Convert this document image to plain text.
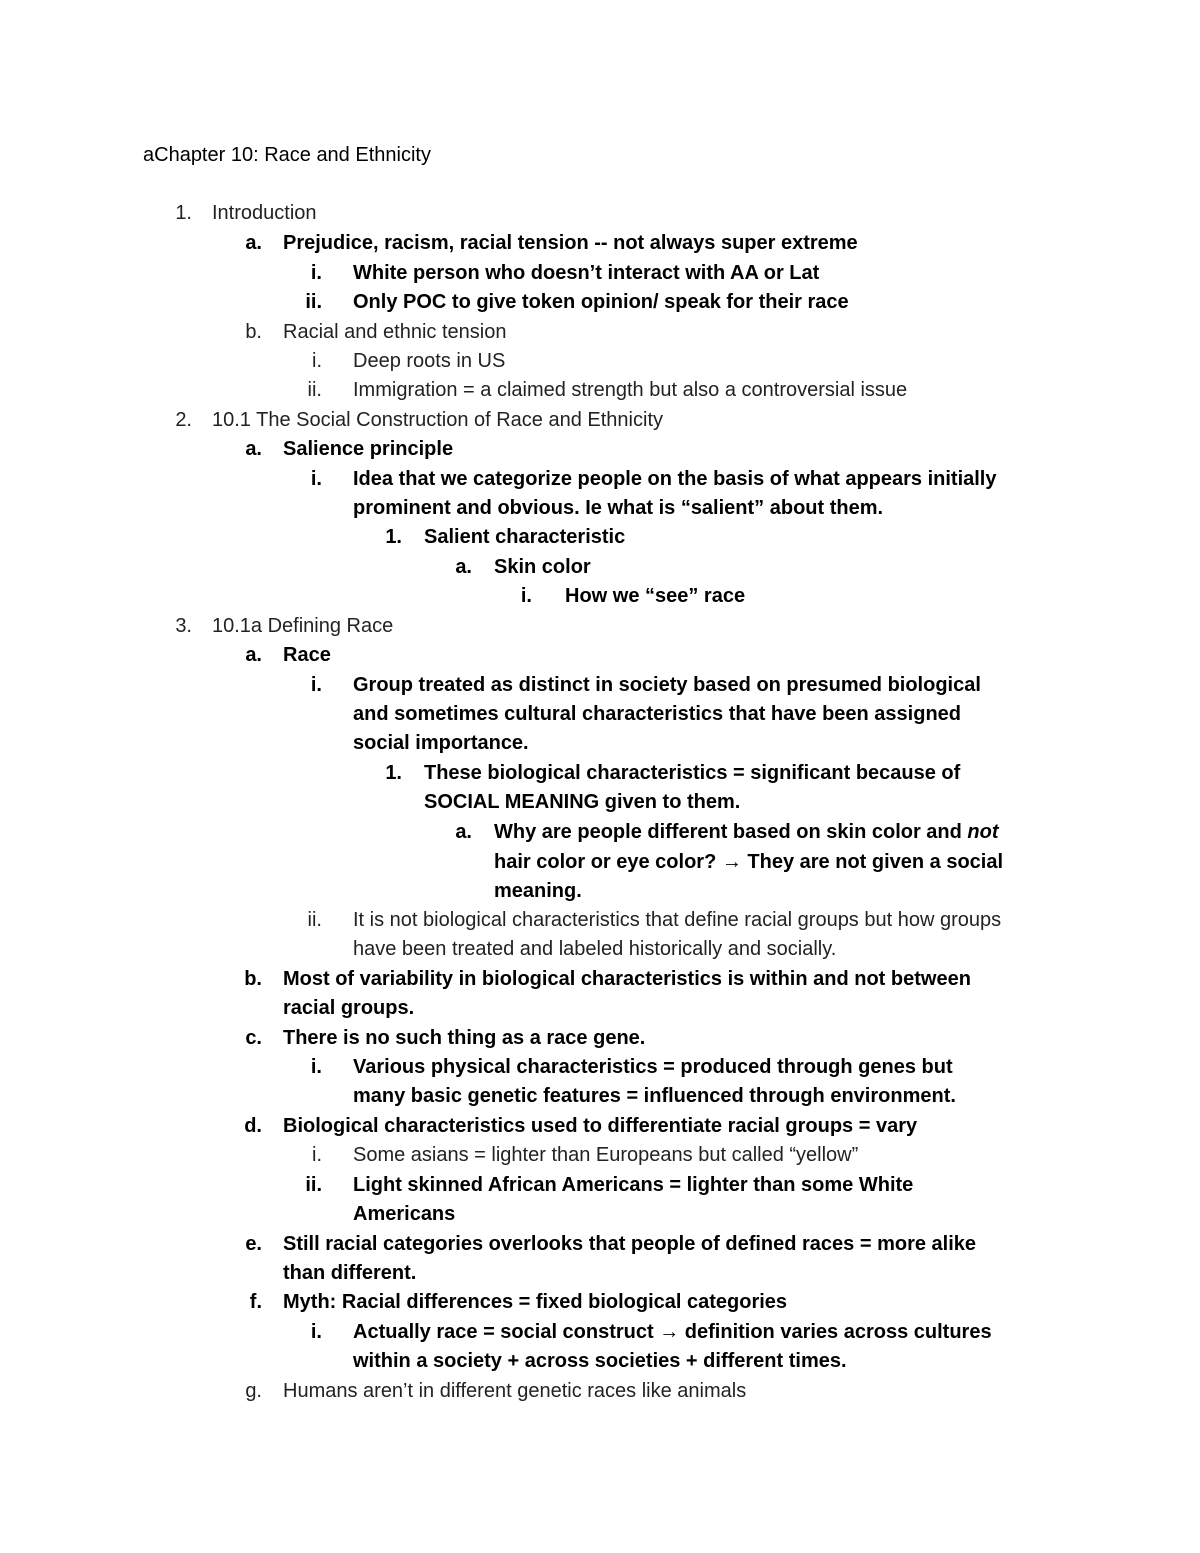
aChapter 10: Race and Ethnicity
1. Introduction
a. Prejudice, racism, racial tension -- not always super extreme
i. White person who doesn’t interact with AA or Lat
ii. Only POC to give token opinion/ speak for their race
b. Racial and ethnic tension
i. Deep roots in US
ii. Immigration = a claimed strength but also a controversial issue
2. 10.1 The Social Construction of Race and Ethnicity
a. Salience principle
i. Idea that we categorize people on the basis of what appears initially
prominent and obvious. Ie what is “salient” about them.
1. Salient characteristic
a. Skin color
i. How we “see” race
3. 10.1a Defining Race
a. Race
i. Group treated as distinct in society based on presumed biological
and sometimes cultural characteristics that have been assigned
social importance.
1. These biological characteristics = significant because of
SOCIAL MEANING given to them.
a. Why are people different based on skin color and not
hair color or eye color? → They are not given a social
meaning.
ii. It is not biological characteristics that define racial groups but how groups
have been treated and labeled historically and socially.
b. Most of variability in biological characteristics is within and not between
racial groups.
c. There is no such thing as a race gene.
i. Various physical characteristics = produced through genes but
many basic genetic features = influenced through environment.
d. Biological characteristics used to differentiate racial groups = vary
i. Some asians = lighter than Europeans but called “yellow”
ii. Light skinned African Americans = lighter than some White
Americans
e. Still racial categories overlooks that people of defined races = more alike
than different.
f. Myth: Racial differences = fixed biological categories
i. Actually race = social construct → definition varies across cultures
within a society + across societies + different times.
g. Humans aren’t in different genetic races like animals
